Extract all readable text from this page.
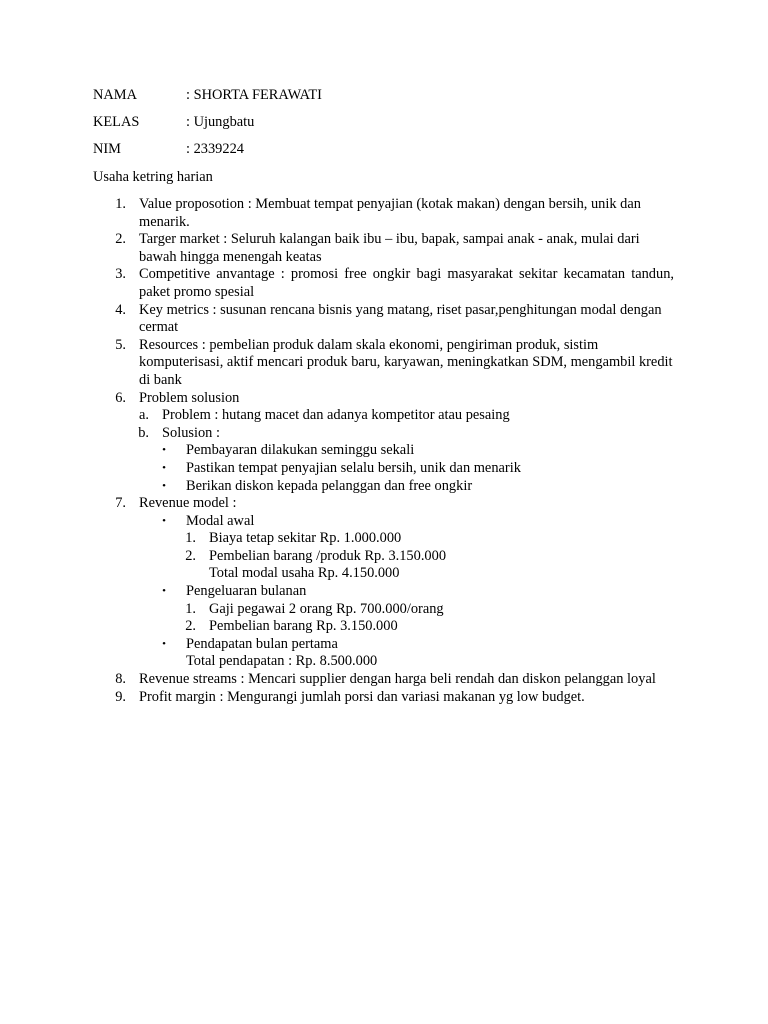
NAMA	: SHORTA FERAWATI
KELAS	: Ujungbatu
NIM	: 2339224
Usaha ketring harian
1. Value proposotion : Membuat tempat penyajian (kotak makan) dengan bersih, unik dan menarik.
2. Targer market : Seluruh kalangan baik ibu – ibu, bapak, sampai anak - anak, mulai dari bawah hingga menengah keatas
3. Competitive anvantage : promosi free ongkir bagi masyarakat sekitar kecamatan tandun, paket promo spesial
4. Key metrics : susunan rencana bisnis yang matang, riset pasar,penghitungan modal dengan cermat
5. Resources : pembelian produk dalam skala ekonomi, pengiriman produk, sistim komputerisasi, aktif mencari produk baru, karyawan, meningkatkan SDM, mengambil kredit di bank
6. Problem solusion
a. Problem : hutang macet dan adanya kompetitor atau pesaing
b. Solusion :
• Pembayaran dilakukan seminggu sekali
• Pastikan tempat penyajian selalu bersih, unik dan menarik
• Berikan diskon kepada pelanggan dan free ongkir
7. Revenue model :
• Modal awal
1. Biaya tetap sekitar Rp. 1.000.000
2. Pembelian barang /produk Rp. 3.150.000
Total modal usaha Rp. 4.150.000
• Pengeluaran bulanan
1. Gaji pegawai 2 orang Rp. 700.000/orang
2. Pembelian barang Rp. 3.150.000
• Pendapatan bulan pertama
Total pendapatan : Rp. 8.500.000
8. Revenue streams : Mencari supplier dengan harga beli rendah dan diskon pelanggan loyal
9. Profit margin : Mengurangi jumlah porsi dan variasi makanan yg low budget.
